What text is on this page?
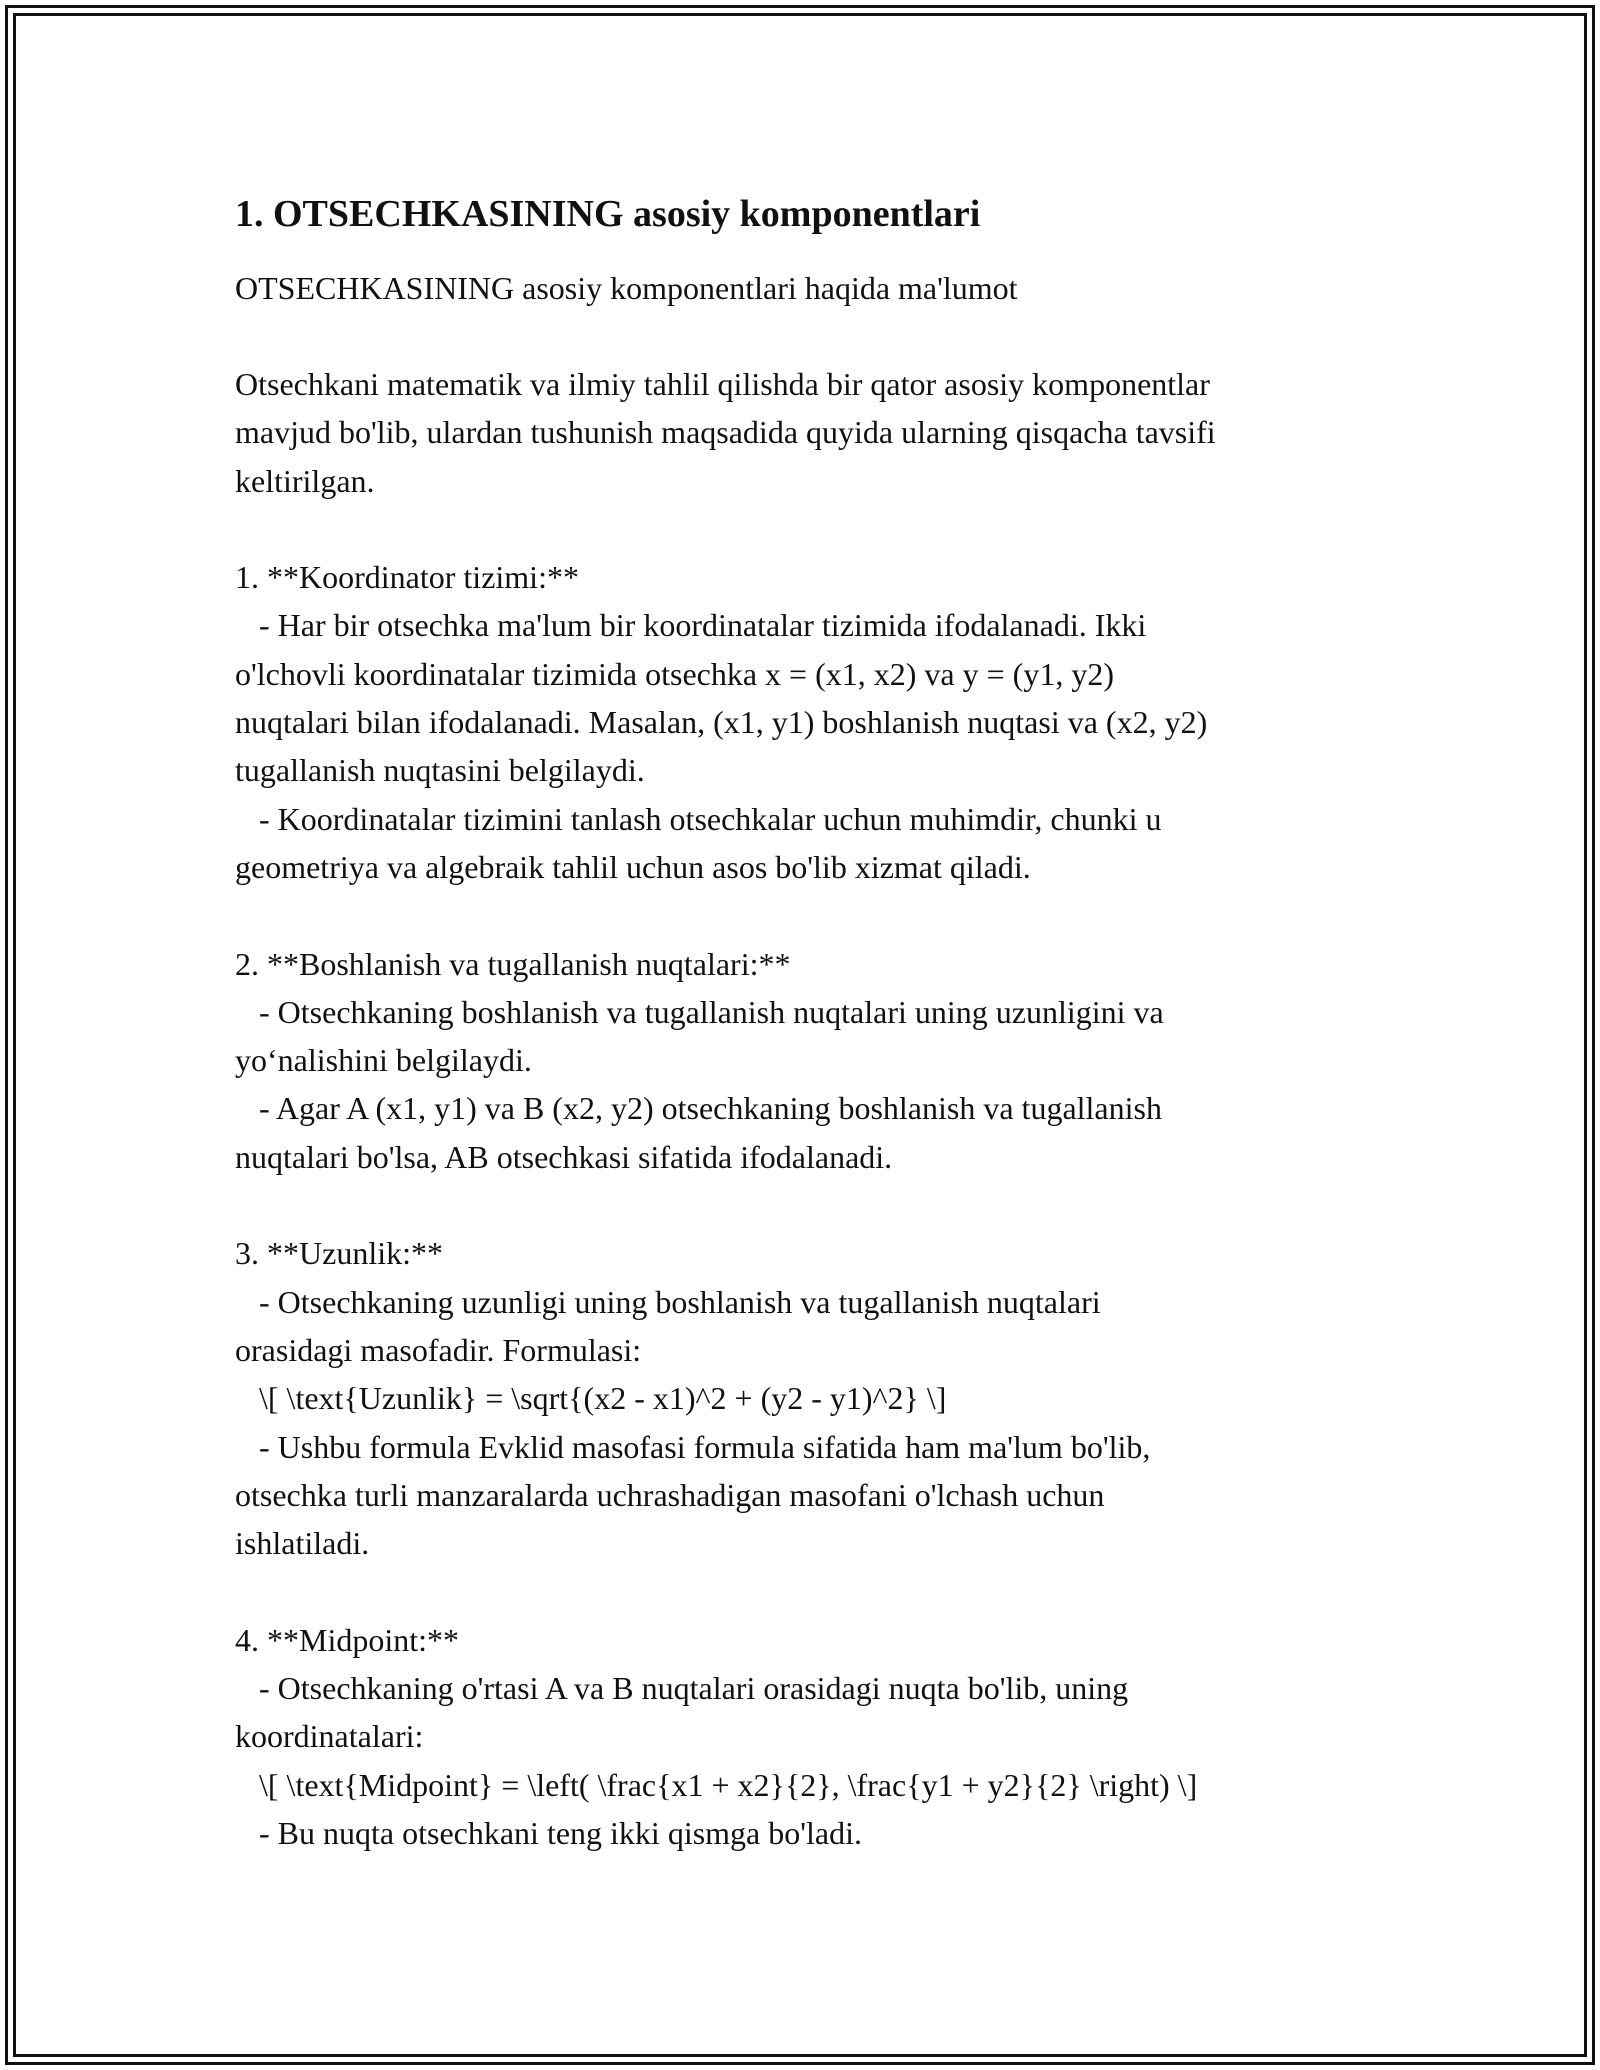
1. OTSECHKASINING asosiy komponentlari
OTSECHKASINING asosiy komponentlari haqida ma'lumot
Otsechkani matematik va ilmiy tahlil qilishda bir qator asosiy komponentlar
mavjud bo'lib, ulardan tushunish maqsadida quyida ularning qisqacha tavsifi
keltirilgan.
1. **Koordinator tizimi:**
- Har bir otsechka ma'lum bir koordinatalar tizimida ifodalanadi. Ikki
o'lchovli koordinatalar tizimida otsechka x = (x1, x2) va y = (y1, y2)
nuqtalari bilan ifodalanadi. Masalan, (x1, y1) boshlanish nuqtasi va (x2, y2)
tugallanish nuqtasini belgilaydi.
- Koordinatalar tizimini tanlash otsechkalar uchun muhimdir, chunki u
geometriya va algebraik tahlil uchun asos bo'lib xizmat qiladi.
2. **Boshlanish va tugallanish nuqtalari:**
- Otsechkaning boshlanish va tugallanish nuqtalari uning uzunligini va
yo‘nalishini belgilaydi.
- Agar A (x1, y1) va B (x2, y2) otsechkaning boshlanish va tugallanish
nuqtalari bo'lsa, AB otsechkasi sifatida ifodalanadi.
3. **Uzunlik:**
- Otsechkaning uzunligi uning boshlanish va tugallanish nuqtalari
orasidagi masofadir. Formulasi:
\[ \text{Uzunlik} = \sqrt{(x2 - x1)^2 + (y2 - y1)^2} \]
- Ushbu formula Evklid masofasi formula sifatida ham ma'lum bo'lib,
otsechka turli manzaralarda uchrashadigan masofani o'lchash uchun
ishlatiladi.
4. **Midpoint:**
- Otsechkaning o'rtasi A va B nuqtalari orasidagi nuqta bo'lib, uning
koordinatalari:
\[ \text{Midpoint} = \left( \frac{x1 + x2}{2}, \frac{y1 + y2}{2} \right) \]
- Bu nuqta otsechkani teng ikki qismga bo'ladi.
